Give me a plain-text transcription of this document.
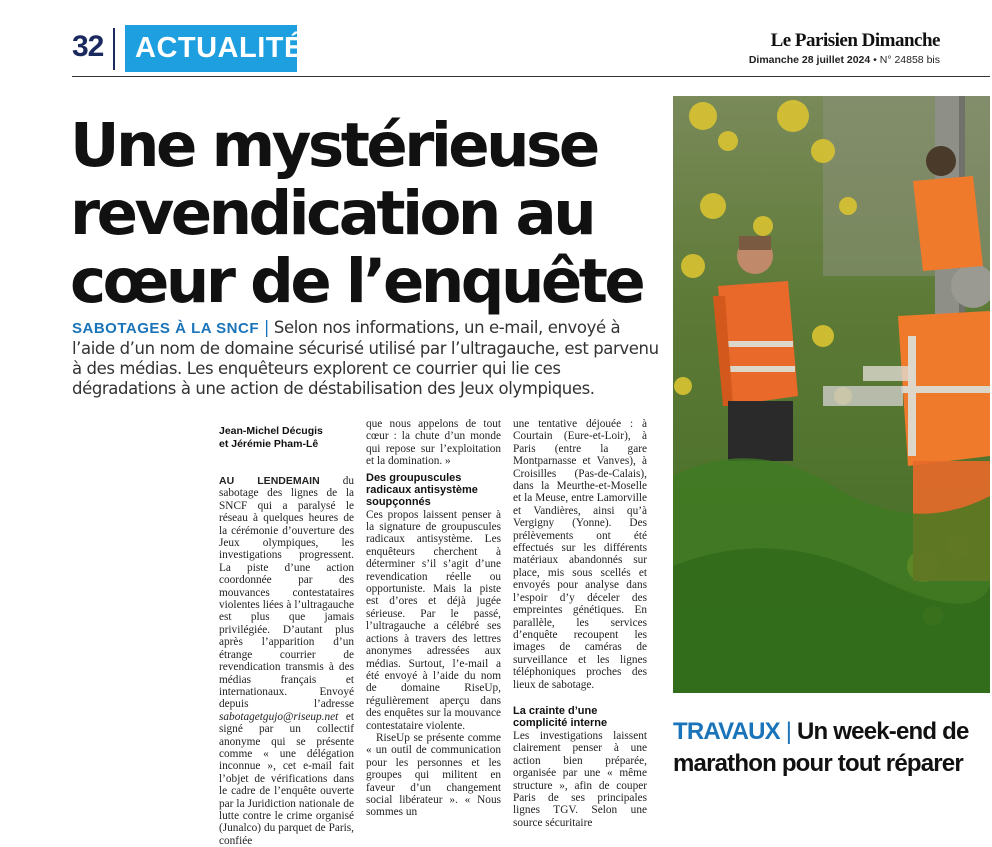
32	ACTUALITÉ	Le Parisien Dimanche
Dimanche 28 juillet 2024 • N° 24858 bis
Une mystérieuse revendication au cœur de l’enquête
SABOTAGES À LA SNCF | Selon nos informations, un e-mail, envoyé à l’aide d’un nom de domaine sécurisé utilisé par l’ultragauche, est parvenu à des médias. Les enquêteurs explorent ce courrier qui lie ces dégradations à une action de déstabilisation des Jeux olympiques.

Jean-Michel Décugis
et Jérémie Pham-Lê

AU LENDEMAIN du sabotage des lignes de la SNCF qui a paralysé le réseau à quelques heures de la cérémonie d’ouverture des Jeux olympiques, les investigations progressent. La piste d’une action coordonnée par des mouvances contestataires violentes liées à l’ultragauche est plus que jamais privilégiée. D’autant plus après l’apparition d’un étrange courrier de revendication transmis à des médias français et internationaux. Envoyé depuis l’adresse sabotagetgujo@riseup.net et signé par un collectif anonyme qui se présente comme « une délégation inconnue », cet e-mail fait l’objet de vérifications dans le cadre de l’enquête ouverte par la Juridiction nationale de lutte contre le crime organisé (Junalco) du parquet de Paris, confiée

que nous appelons de tout cœur : la chute d’un monde qui repose sur l’exploitation et la domination. »

Des groupuscules radicaux antisystème soupçonnés

Ces propos laissent penser à la signature de groupuscules radicaux antisystème. Les enquêteurs cherchent à déterminer s’il s’agit d’une revendication réelle ou opportuniste. Mais la piste est d’ores et déjà jugée sérieuse. Par le passé, l’ultragauche a célébré ses actions à travers des lettres anonymes adressées aux médias. Surtout, l’e-mail a été envoyé à l’aide du nom de domaine RiseUp, régulièrement aperçu dans des enquêtes sur la mouvance contestataire violente.

RiseUp se présente comme « un outil de communication pour les personnes et les groupes qui militent en faveur d’un changement social libérateur ». « Nous sommes un

une tentative déjouée : à Courtain (Eure-et-Loir), à Paris (entre la gare Montparnasse et Vanves), à Croisilles (Pas-de-Calais), dans la Meurthe-et-Moselle et la Meuse, entre Lamorville et Vandières, ainsi qu’à Vergigny (Yonne). Des prélèvements ont été effectués sur les différents matériaux abandonnés sur place, mis sous scellés et envoyés pour analyse dans l’espoir d’y déceler des empreintes génétiques. En parallèle, les services d’enquête recoupent les images de caméras de surveillance et les lignes téléphoniques proches des lieux de sabotage.

La crainte d’une complicité interne

Les investigations laissent clairement penser à une action bien préparée, organisée par une « même structure », afin de couper Paris de ses principales lignes TGV. Selon une source sécuritaire

TRAVAUX | Un week-end de marathon pour tout réparer
